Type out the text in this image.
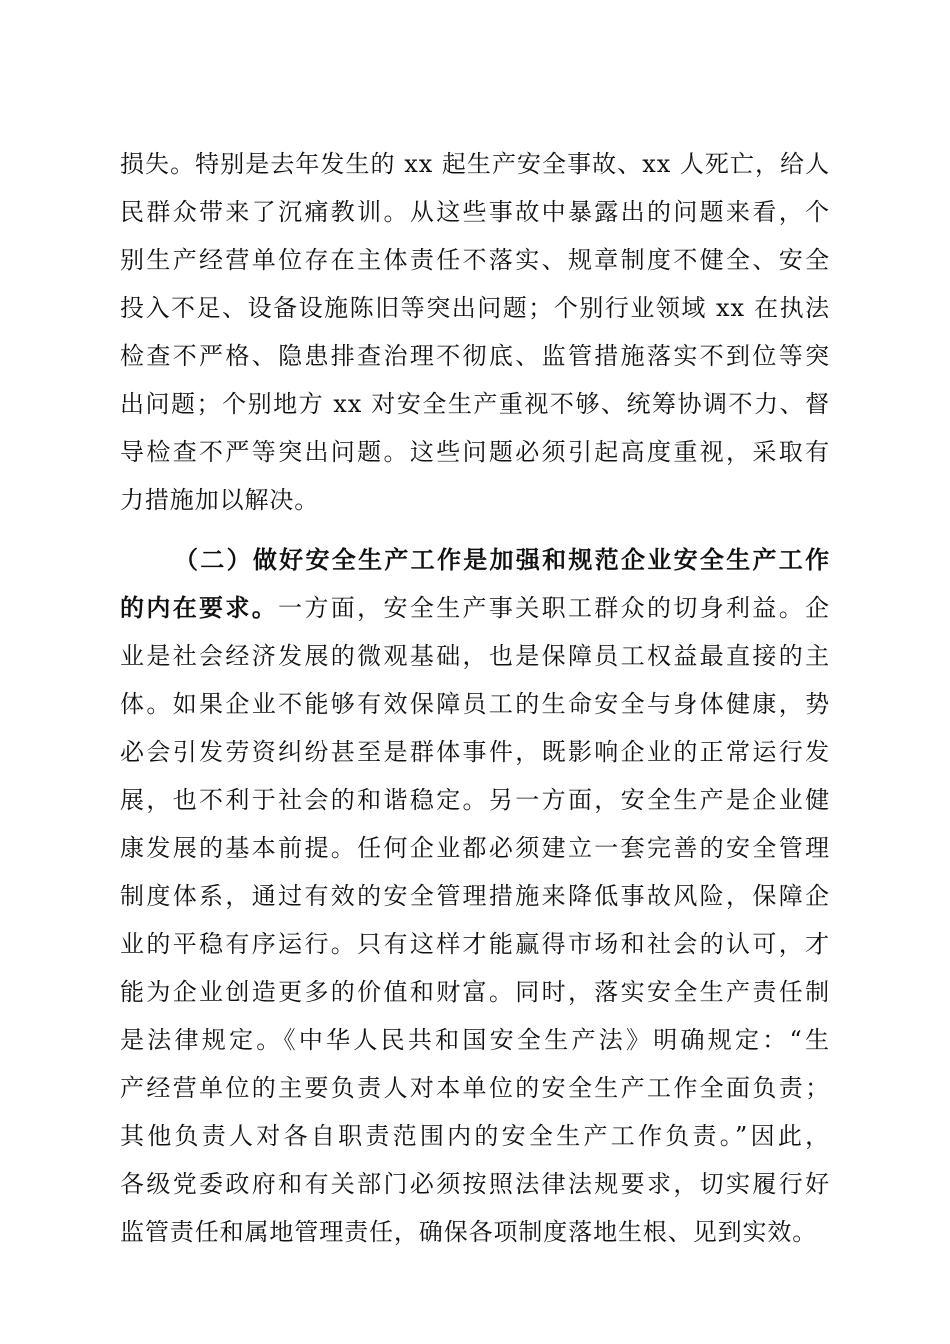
损失。特别是去年发生的 xx 起生产安全事故、xx 人死亡，给人
民群众带来了沉痛教训。从这些事故中暴露出的问题来看，个
别生产经营单位存在主体责任不落实、规章制度不健全、安全
投入不足、设备设施陈旧等突出问题；个别行业领域 xx 在执法
检查不严格、隐患排查治理不彻底、监管措施落实不到位等突
出问题；个别地方 xx 对安全生产重视不够、统筹协调不力、督
导检查不严等突出问题。这些问题必须引起高度重视，采取有
力措施加以解决。
（二）做好安全生产工作是加强和规范企业安全生产工作
的内在要求。一方面，安全生产事关职工群众的切身利益。企
业是社会经济发展的微观基础，也是保障员工权益最直接的主
体。如果企业不能够有效保障员工的生命安全与身体健康，势
必会引发劳资纠纷甚至是群体事件，既影响企业的正常运行发
展，也不利于社会的和谐稳定。另一方面，安全生产是企业健
康发展的基本前提。任何企业都必须建立一套完善的安全管理
制度体系，通过有效的安全管理措施来降低事故风险，保障企
业的平稳有序运行。只有这样才能赢得市场和社会的认可，才
能为企业创造更多的价值和财富。同时，落实安全生产责任制
是法律规定。《中华人民共和国安全生产法》明确规定：“生
产经营单位的主要负责人对本单位的安全生产工作全面负责；
其他负责人对各自职责范围内的安全生产工作负责。”因此，
各级党委政府和有关部门必须按照法律法规要求，切实履行好
监管责任和属地管理责任，确保各项制度落地生根、见到实效。
